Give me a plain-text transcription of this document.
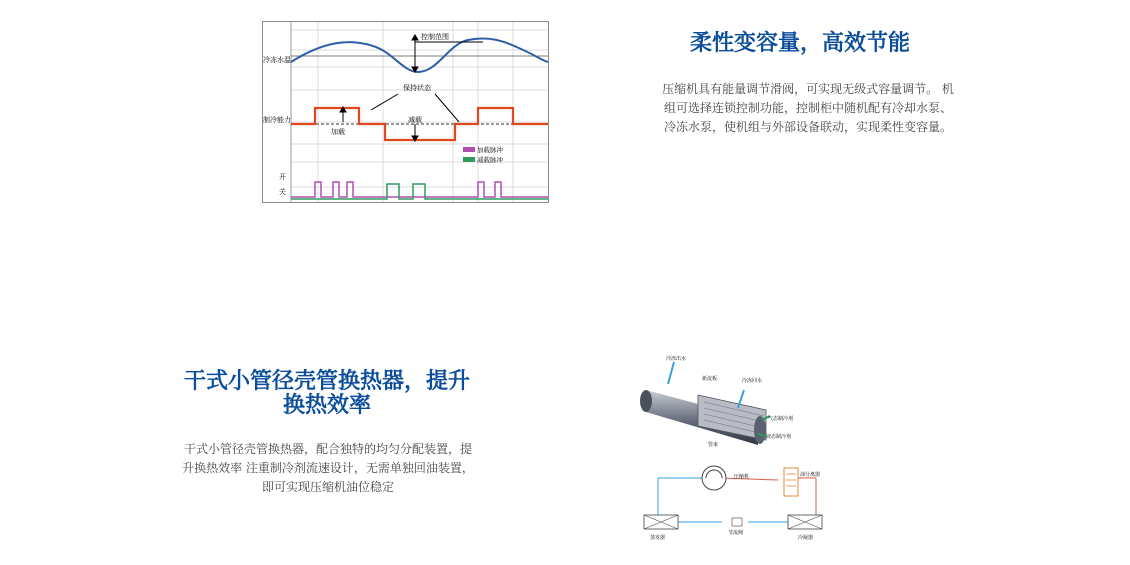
控制范围
冷冻水温
保持状态
制冷能力
加载
减载
加载脉冲
减载脉冲
开
关
柔性变容量，高效节能

压缩机具有能量调节滑阀，可实现无级式容量调节。 机组可选择连锁控制功能，控制柜中随机配有冷却水泵、冷冻水泵，使机组与外部设备联动，实现柔性变容量。

干式小管径壳管换热器，提升换热效率

干式小管径壳管换热器，配合独特的均匀分配装置，提升换热效率 注重制冷剂流速设计，无需单独回油装置，即可实现压缩机油位稳定

冷冻出水
新流板	冷冻回水
气态制冷剂
液态制冷剂
管束
压缩机	油分离器
蒸发器
节流阀
冷凝器
